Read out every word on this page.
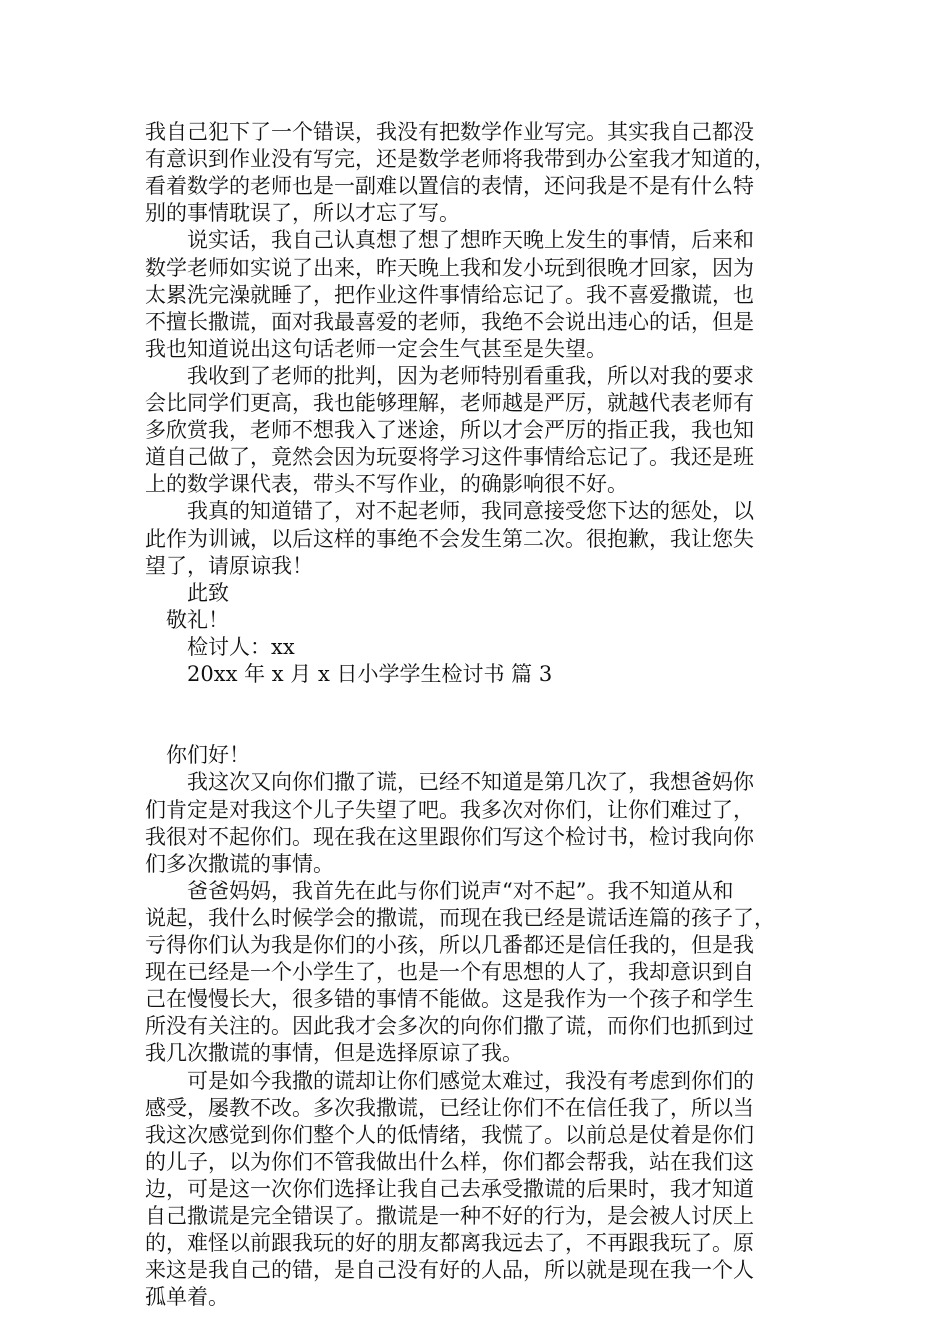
我自己犯下了一个错误，我没有把数学作业写完。其实我自己都没
有意识到作业没有写完，还是数学老师将我带到办公室我才知道的，
看着数学的老师也是一副难以置信的表情，还问我是不是有什么特
别的事情耽误了，所以才忘了写。
　　说实话，我自己认真想了想了想昨天晚上发生的事情，后来和
数学老师如实说了出来，昨天晚上我和发小玩到很晚才回家，因为
太累洗完澡就睡了，把作业这件事情给忘记了。我不喜爱撒谎，也
不擅长撒谎，面对我最喜爱的老师，我绝不会说出违心的话，但是
我也知道说出这句话老师一定会生气甚至是失望。
　　我收到了老师的批判，因为老师特别看重我，所以对我的要求
会比同学们更高，我也能够理解，老师越是严厉，就越代表老师有
多欣赏我，老师不想我入了迷途，所以才会严厉的指正我，我也知
道自己做了，竟然会因为玩耍将学习这件事情给忘记了。我还是班
上的数学课代表，带头不写作业，的确影响很不好。
　　我真的知道错了，对不起老师，我同意接受您下达的惩处，以
此作为训诫，以后这样的事绝不会发生第二次。很抱歉，我让您失
望了，请原谅我！
　　此致
　敬礼！
　　检讨人：xx
　　20xx 年 x 月 x 日小学学生检讨书 篇 3
　你们好！
　　我这次又向你们撒了谎，已经不知道是第几次了，我想爸妈你
们肯定是对我这个儿子失望了吧。我多次对你们，让你们难过了，
我很对不起你们。现在我在这里跟你们写这个检讨书，检讨我向你
们多次撒谎的事情。
　　爸爸妈妈，我首先在此与你们说声“对不起”。我不知道从和
说起，我什么时候学会的撒谎，而现在我已经是谎话连篇的孩子了，
亏得你们认为我是你们的小孩，所以几番都还是信任我的，但是我
现在已经是一个小学生了，也是一个有思想的人了，我却意识到自
己在慢慢长大，很多错的事情不能做。这是我作为一个孩子和学生
所没有关注的。因此我才会多次的向你们撒了谎，而你们也抓到过
我几次撒谎的事情，但是选择原谅了我。
　　可是如今我撒的谎却让你们感觉太难过，我没有考虑到你们的
感受，屡教不改。多次我撒谎，已经让你们不在信任我了，所以当
我这次感觉到你们整个人的低情绪，我慌了。以前总是仗着是你们
的儿子，以为你们不管我做出什么样，你们都会帮我，站在我们这
边，可是这一次你们选择让我自己去承受撒谎的后果时，我才知道
自己撒谎是完全错误了。撒谎是一种不好的行为，是会被人讨厌上
的，难怪以前跟我玩的好的朋友都离我远去了，不再跟我玩了。原
来这是我自己的错，是自己没有好的人品，所以就是现在我一个人
孤单着。
